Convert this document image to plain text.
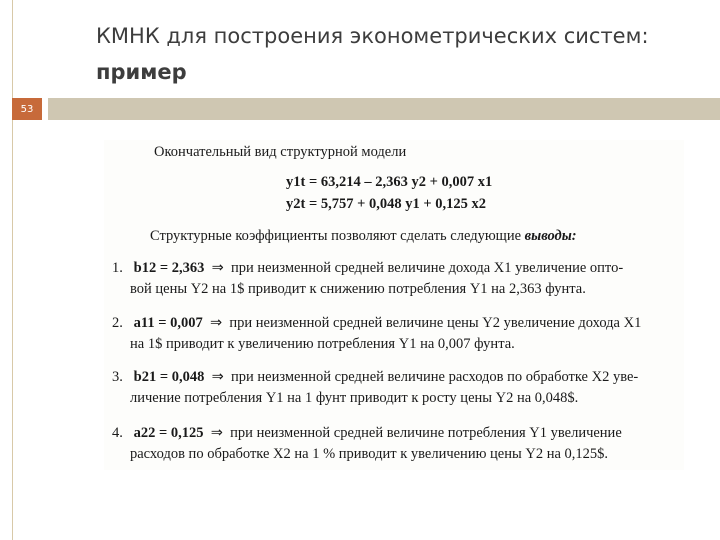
КМНК для построения эконометрических систем:
пример
53
Окончательный вид структурной модели
y1t = 63,214 – 2,363 y2 + 0,007 x1
y2t = 5,757 + 0,048 y1 + 0,125 x2
Структурные коэффициенты позволяют сделать следующие выводы:
1. b12 = 2,363  ⇒  при неизменной средней величине дохода X1 увеличение опто-
вой цены Y2 на 1$ приводит к снижению потребления Y1 на 2,363 фунта.
2. a11 = 0,007  ⇒  при неизменной средней величине цены Y2 увеличение дохода X1
на 1$ приводит к увеличению потребления Y1 на 0,007 фунта.
3. b21 = 0,048  ⇒  при неизменной средней величине расходов по обработке X2 уве-
личение потребления Y1 на 1 фунт приводит к росту цены Y2 на 0,048$.
4. a22 = 0,125  ⇒  при неизменной средней величине потребления Y1 увеличение
расходов по обработке X2 на 1 % приводит к увеличению цены Y2 на 0,125$.
